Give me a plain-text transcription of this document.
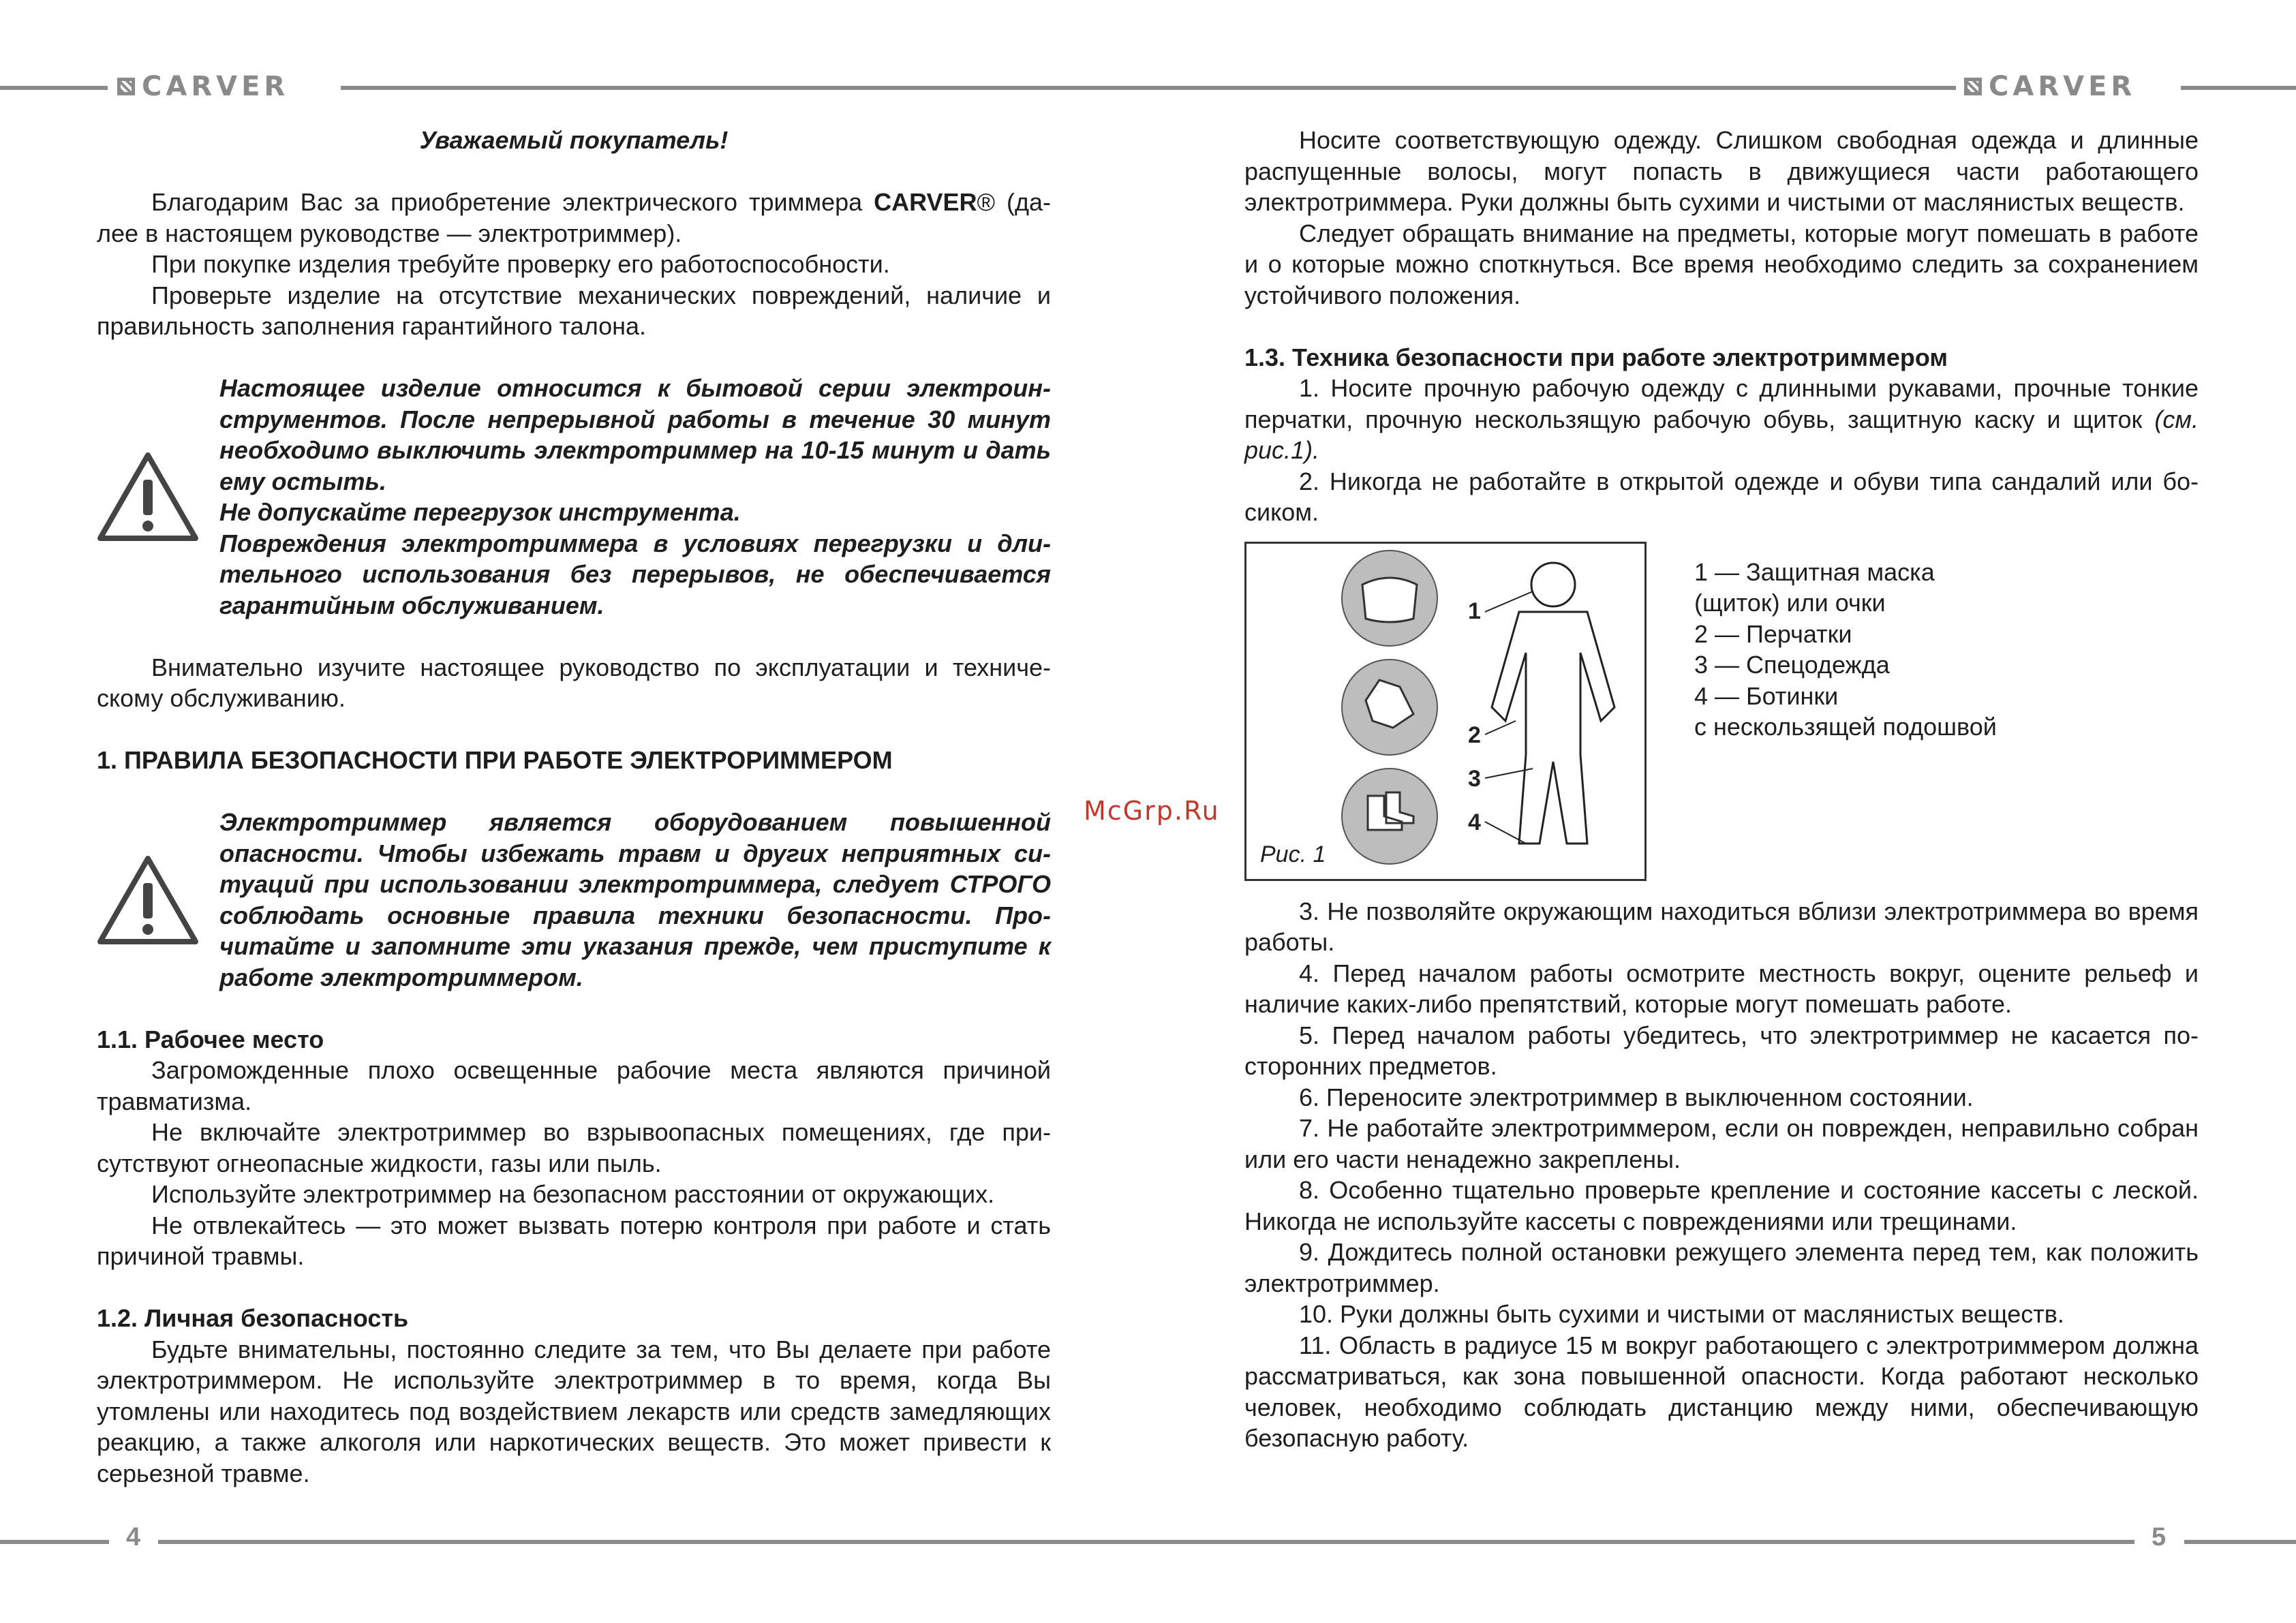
CARVER	CARVER
4	5
McGrp.Ru

Уважаемый покупатель!

Благодарим Вас за приобретение электрического триммера CARVER® (далее в настоящем руководстве — электротриммер).

При покупке изделия требуйте проверку его работоспособности.

Проверьте изделие на отсутствие механических повреждений, наличие и правильность заполнения гарантийного талона.

Настоящее изделие относится к бытовой серии электроинструментов. После непрерывной работы в течение 30 минут необходимо выключить электротриммер на 10-15 минут и дать ему остыть.

Не допускайте перегрузок инструмента.

Повреждения электротриммера в условиях перегрузки и длительного использования без перерывов, не обеспечивается гарантийным обслуживанием.

Внимательно изучите настоящее руководство по эксплуатации и техническому обслуживанию.

1. ПРАВИЛА БЕЗОПАСНОСТИ ПРИ РАБОТЕ ЭЛЕКТРОРИММЕРОМ

Электротриммер является оборудованием повышенной опасности. Чтобы избежать травм и других неприятных ситуаций при использовании электротриммера, следует СТРОГО соблюдать основные правила техники безопасности. Прочитайте и запомните эти указания прежде, чем приступите к работе электротриммером.

1.1. Рабочее место

Загроможденные плохо освещенные рабочие места являются причиной травматизма.

Не включайте электротриммер во взрывоопасных помещениях, где присутствуют огнеопасные жидкости, газы или пыль.

Используйте электротриммер на безопасном расстоянии от окружающих.

Не отвлекайтесь — это может вызвать потерю контроля при работе и стать причиной травмы.

1.2. Личная безопасность

Будьте внимательны, постоянно следите за тем, что Вы делаете при работе электротриммером. Не используйте электротриммер в то время, когда Вы утомлены или находитесь под воздействием лекарств или средств замедляющих реакцию, а также алкоголя или наркотических веществ. Это может привести к серьезной травме.

Носите соответствующую одежду. Слишком свободная одежда и длинные распущенные волосы, могут попасть в движущиеся части работающего электротриммера. Руки должны быть сухими и чистыми от маслянистых веществ.

Следует обращать внимание на предметы, которые могут помешать в работе и о которые можно споткнуться. Все время необходимо следить за сохранением устойчивого положения.

1.3. Техника безопасности при работе электротриммером

1. Носите прочную рабочую одежду с длинными рукавами, прочные тонкие перчатки, прочную нескользящую рабочую обувь, защитную каску и щиток (см. рис.1).

2. Никогда не работайте в открытой одежде и обуви типа сандалий или босиком.

1
2
3
4
Рис. 1
1 — Защитная маска
(щиток) или очки
2 — Перчатки
3 — Спецодежда
4 — Ботинки
с нескользящей подошвой

3. Не позволяйте окружающим находиться вблизи электротриммера во время работы.

4. Перед началом работы осмотрите местность вокруг, оцените рельеф и наличие каких-либо препятствий, которые могут помешать работе.

5. Перед началом работы убедитесь, что электротриммер не касается посторонних предметов.

6. Переносите электротриммер в выключенном состоянии.

7. Не работайте электротриммером, если он поврежден, неправильно собран или его части ненадежно закреплены.

8. Особенно тщательно проверьте крепление и состояние кассеты с леской. Никогда не используйте кассеты с повреждениями или трещинами.

9. Дождитесь полной остановки режущего элемента перед тем, как положить электротриммер.

10. Руки должны быть сухими и чистыми от маслянистых веществ.

11. Область в радиусе 15 м вокруг работающего с электротриммером должна рассматриваться, как зона повышенной опасности. Когда работают несколько человек, необходимо соблюдать дистанцию между ними, обеспечивающую безопасную работу.
